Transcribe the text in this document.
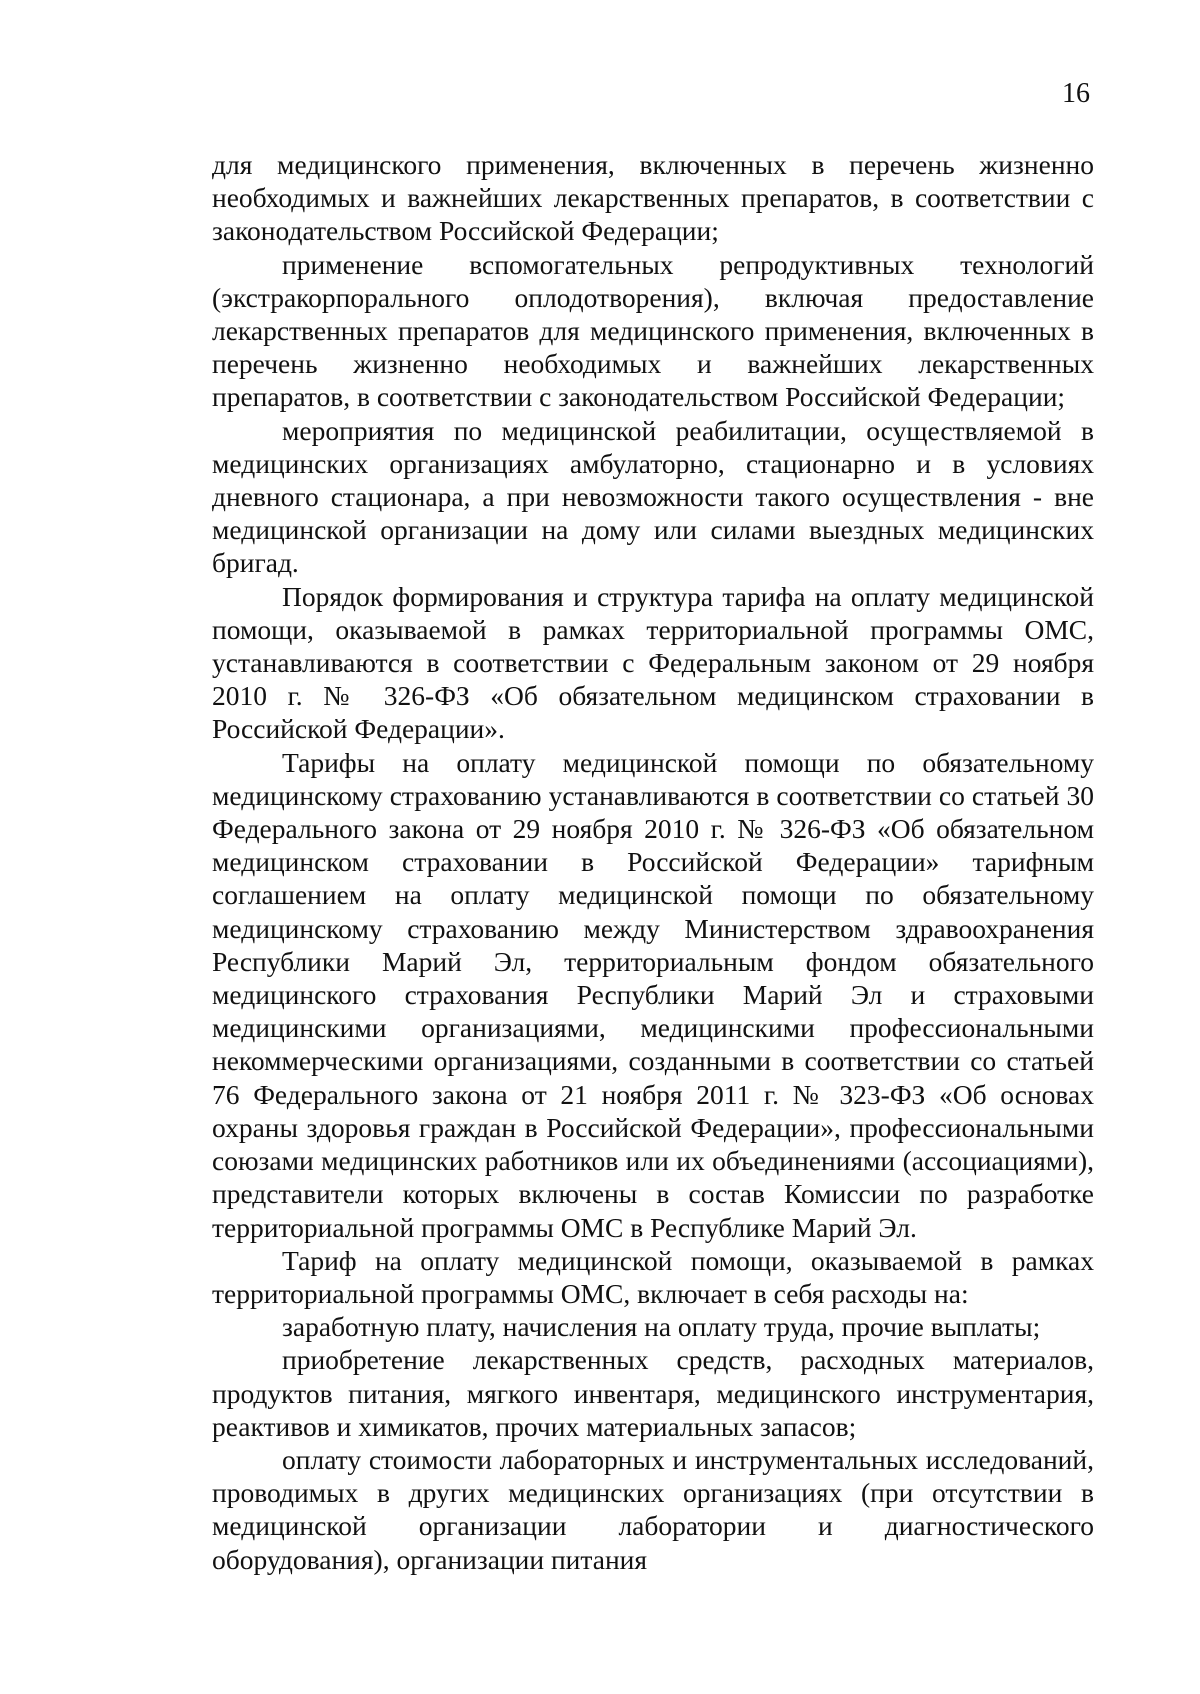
16

для медицинского применения, включенных в перечень жизненно необходимых и важнейших лекарственных препаратов, в соответствии с законодательством Российской Федерации;

применение вспомогательных репродуктивных технологий (экстракорпорального оплодотворения), включая предоставление лекарственных препаратов для медицинского применения, включенных в перечень жизненно необходимых и важнейших лекарственных препаратов, в соответствии с законодательством Российской Федерации;

мероприятия по медицинской реабилитации, осуществляемой в медицинских организациях амбулаторно, стационарно и в условиях дневного стационара, а при невозможности такого осуществления - вне медицинской организации на дому или силами выездных медицинских бригад.

Порядок формирования и структура тарифа на оплату медицинской помощи, оказываемой в рамках территориальной программы ОМС, устанавливаются в соответствии с Федеральным законом от 29 ноября 2010 г. № 326-ФЗ «Об обязательном медицинском страховании в Российской Федерации».

Тарифы на оплату медицинской помощи по обязательному медицинскому страхованию устанавливаются в соответствии со статьей 30 Федерального закона от 29 ноября 2010 г. № 326-ФЗ «Об обязательном медицинском страховании в Российской Федерации» тарифным соглашением на оплату медицинской помощи по обязательному медицинскому страхованию между Министерством здравоохранения Республики Марий Эл, территориальным фондом обязательного медицинского страхования Республики Марий Эл и страховыми медицинскими организациями, медицинскими профессиональными некоммерческими организациями, созданными в соответствии со статьей 76 Федерального закона от 21 ноября 2011 г. № 323-ФЗ «Об основах охраны здоровья граждан в Российской Федерации», профессиональными союзами медицинских работников или их объединениями (ассоциациями), представители которых включены в состав Комиссии по разработке территориальной программы ОМС в Республике Марий Эл.

Тариф на оплату медицинской помощи, оказываемой в рамках территориальной программы ОМС, включает в себя расходы на:

заработную плату, начисления на оплату труда, прочие выплаты;

приобретение лекарственных средств, расходных материалов, продуктов питания, мягкого инвентаря, медицинского инструментария, реактивов и химикатов, прочих материальных запасов;

оплату стоимости лабораторных и инструментальных исследований, проводимых в других медицинских организациях (при отсутствии в медицинской организации лаборатории и диагностического оборудования), организации питания
